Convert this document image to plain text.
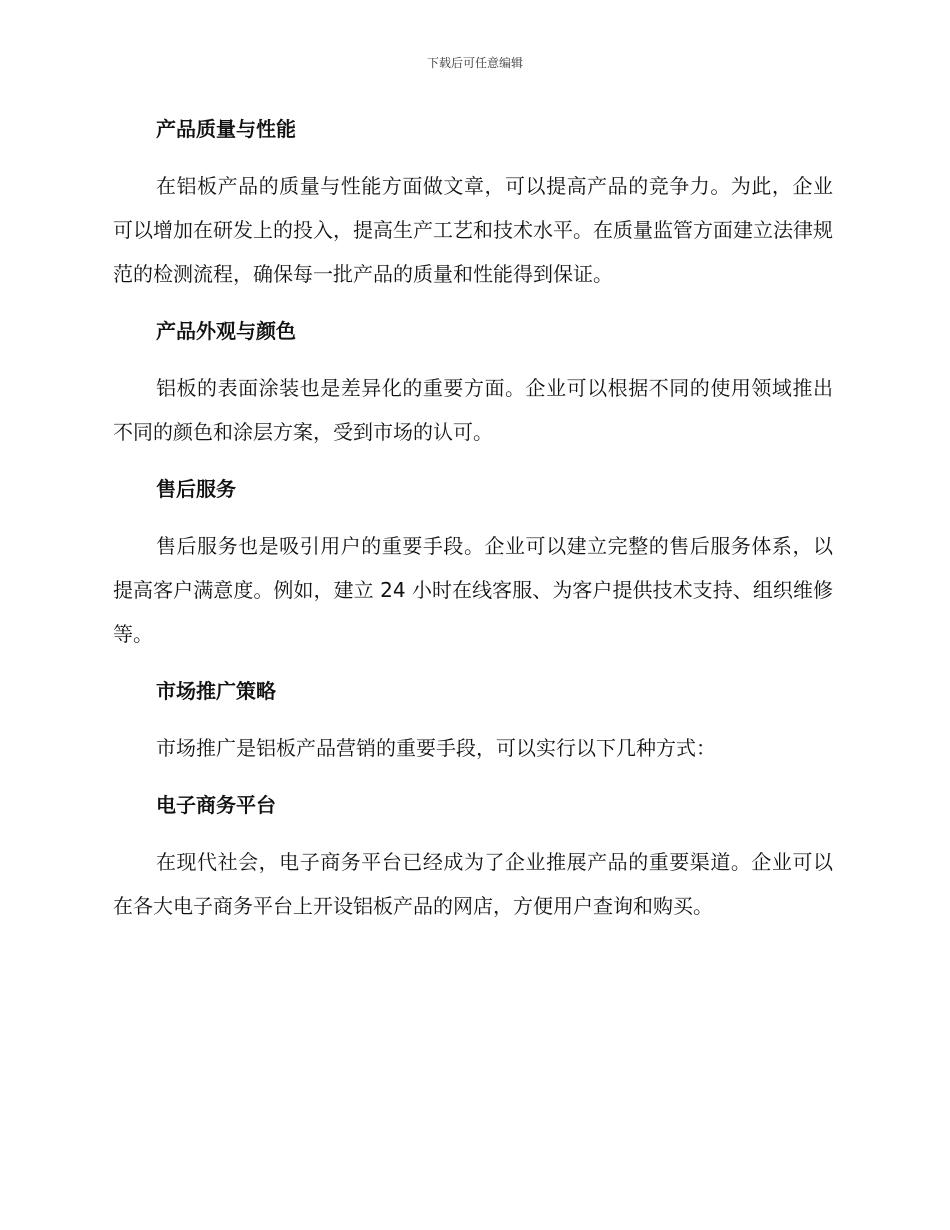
下载后可任意编辑
产品质量与性能
在铝板产品的质量与性能方面做文章，可以提高产品的竞争力。为此，企业可以增加在研发上的投入，提高生产工艺和技术水平。在质量监管方面建立法律规范的检测流程，确保每一批产品的质量和性能得到保证。
产品外观与颜色
铝板的表面涂装也是差异化的重要方面。企业可以根据不同的使用领域推出不同的颜色和涂层方案，受到市场的认可。
售后服务
售后服务也是吸引用户的重要手段。企业可以建立完整的售后服务体系，以提高客户满意度。例如，建立 24 小时在线客服、为客户提供技术支持、组织维修等。
市场推广策略
市场推广是铝板产品营销的重要手段，可以实行以下几种方式：
电子商务平台
在现代社会，电子商务平台已经成为了企业推展产品的重要渠道。企业可以在各大电子商务平台上开设铝板产品的网店，方便用户查询和购买。
